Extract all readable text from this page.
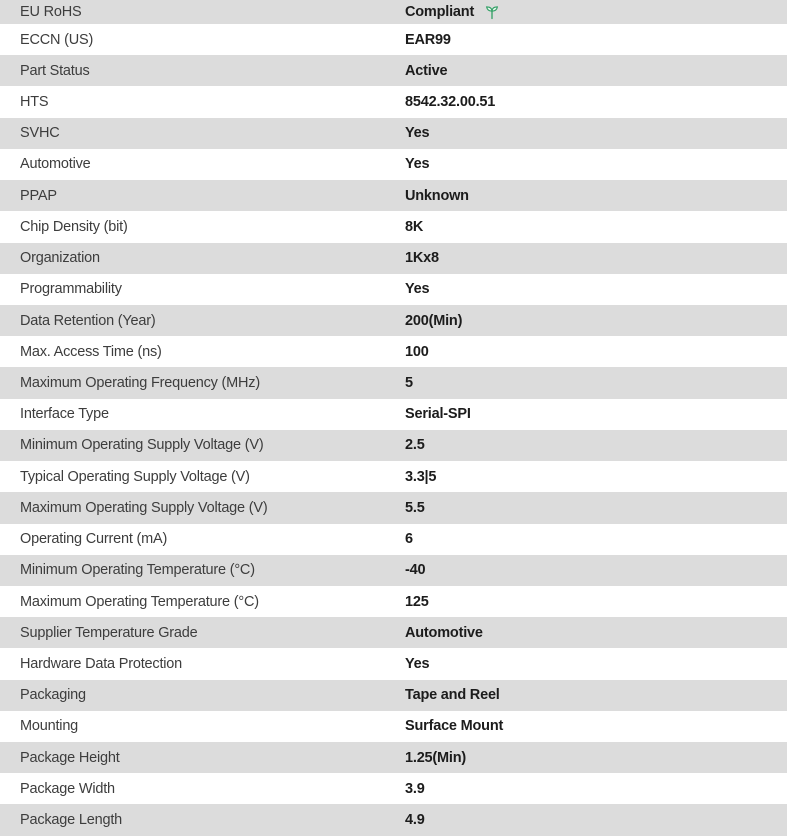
EU RoHS	Compliant
ECCN (US)	EAR99
Part Status	Active
HTS	8542.32.00.51
SVHC	Yes
Automotive	Yes
PPAP	Unknown
Chip Density (bit)	8K
Organization	1Kx8
Programmability	Yes
Data Retention (Year)	200(Min)
Max. Access Time (ns)	100
Maximum Operating Frequency (MHz)	5
Interface Type	Serial-SPI
Minimum Operating Supply Voltage (V)	2.5
Typical Operating Supply Voltage (V)	3.3|5
Maximum Operating Supply Voltage (V)	5.5
Operating Current (mA)	6
Minimum Operating Temperature (°C)	-40
Maximum Operating Temperature (°C)	125
Supplier Temperature Grade	Automotive
Hardware Data Protection	Yes
Packaging	Tape and Reel
Mounting	Surface Mount
Package Height	1.25(Min)
Package Width	3.9
Package Length	4.9
